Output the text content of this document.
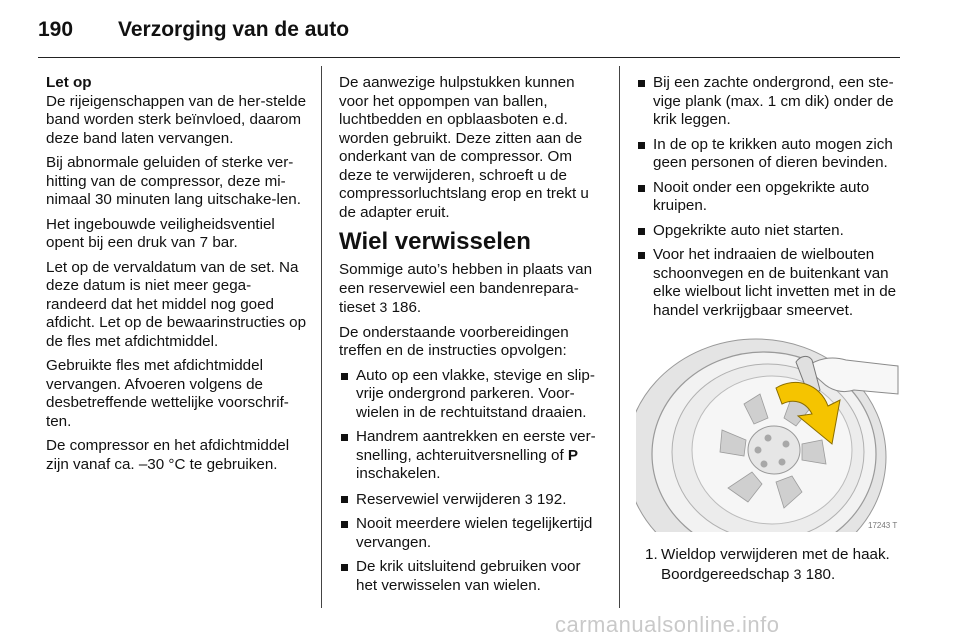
190 Verzorging van de auto
Let op
De rijeigenschappen van de her-stelde band worden sterk beïnvloed, daarom deze band laten vervangen.
Bij abnormale geluiden of sterke ver-hitting van de compressor, deze mi-nimaal 30 minuten lang uitschake-len.
Het ingebouwde veiligheidsventiel opent bij een druk van 7 bar.
Let op de vervaldatum van de set. Na deze datum is niet meer gega-randeerd dat het middel nog goed afdicht. Let op de bewaarinstructies op de fles met afdichtmiddel.
Gebruikte fles met afdichtmiddel vervangen. Afvoeren volgens de desbetreffende wettelijke voorschrif-ten.
De compressor en het afdichtmiddel zijn vanaf ca. –30 °C te gebruiken.
De aanwezige hulpstukken kunnen voor het oppompen van ballen, luchtbedden en opblaasboten e.d. worden gebruikt. Deze zitten aan de onderkant van de compressor. Om deze te verwijderen, schroeft u de compressorluchtslang erop en trekt u de adapter eruit.
Wiel verwisselen
Sommige auto’s hebben in plaats van een reservewiel een bandenrepara-tieset 3 186.
De onderstaande voorbereidingen treffen en de instructies opvolgen:
Auto op een vlakke, stevige en slip-vrije ondergrond parkeren. Voor-wielen in de rechtuitstand draaien.
Handrem aantrekken en eerste ver-snelling, achteruitversnelling of P
inschakelen.
Reservewiel verwijderen 3 192.
Nooit meerdere wielen tegelijkertijd vervangen.
De krik uitsluitend gebruiken voor het verwisselen van wielen.
Bij een zachte ondergrond, een ste-vige plank (max. 1 cm dik) onder de krik leggen.
In de op te krikken auto mogen zich geen personen of dieren bevinden.
Nooit onder een opgekrikte auto kruipen.
Opgekrikte auto niet starten.
Voor het indraaien de wielbouten schoonvegen en de buitenkant van elke wielbout licht invetten met in de handel verkrijgbaar smeervet.
17243 T
1. Wieldop verwijderen met de haak. Boordgereedschap 3 180.
carmanualsonline.info
